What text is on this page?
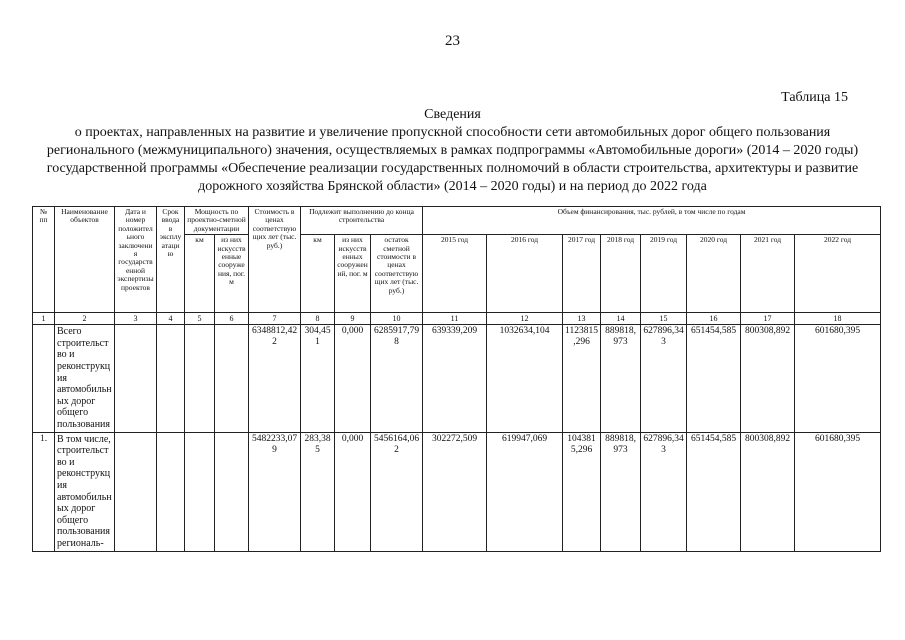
23
Таблица 15
Сведения
о проектах, направленных на развитие и увеличение пропускной способности сети автомобильных дорог общего пользования регионального (межмуниципального) значения, осуществляемых в рамках подпрограммы «Автомобильные дороги» (2014 – 2020 годы) государственной программы «Обеспечение реализации государственных полномочий в области строительства, архитектуры и развитие дорожного хозяйства Брянской области» (2014 – 2020 годы) и на период до 2022 года
№ пп	Наименование объектов	Дата и номер положительного заключения государственной экспертизы проектов	Срок ввода в эксплуатацию	Мощность по проектно-сметной документации		Стоимость в ценах соответствующих лет (тыс. руб.)	Подлежит выполнению до конца строительства			Объем финансирования, тыс. рублей, в том числе по годам							
				км	из них искусственные сооружения, пог. м		км	из них искусственных сооружений, пог. м	остаток сметной стоимости в ценах соответствующих лет (тыс. руб.)	2015 год	2016 год	2017 год	2018 год	2019 год	2020 год	2021 год	2022 год

1	2	3	4	5	6	7	8	9	10	11	12	13	14	15	16	17	18
	Всего строительство и реконструкция автомобильных дорог общего пользования					6348812,422	304,451	0,000	6285917,798	639339,209	1032634,104	1123815,296	889818,973	627896,343	651454,585	800308,892	601680,395
1.	В том числе, строительство и реконструкция автомобильных дорог общего пользования региональ-					5482233,079	283,385	0,000	5456164,062	302272,509	619947,069	1043815,296	889818,973	627896,343	651454,585	800308,892	601680,395
